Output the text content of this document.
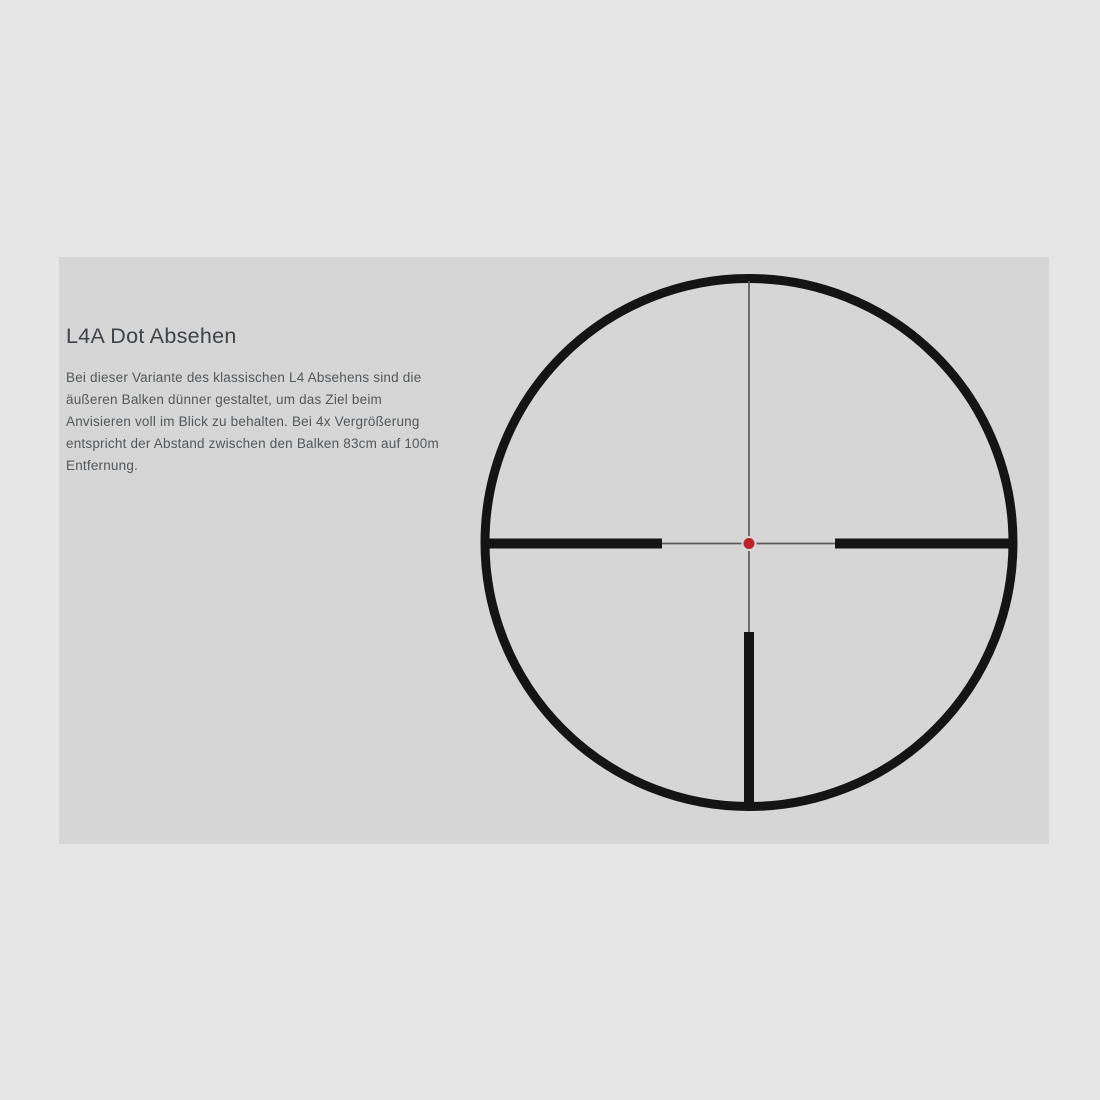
L4A Dot Absehen
Bei dieser Variante des klassischen L4 Absehens sind die
äußeren Balken dünner gestaltet, um das Ziel beim
Anvisieren voll im Blick zu behalten. Bei 4x Vergrößerung
entspricht der Abstand zwischen den Balken 83cm auf 100m
Entfernung.
